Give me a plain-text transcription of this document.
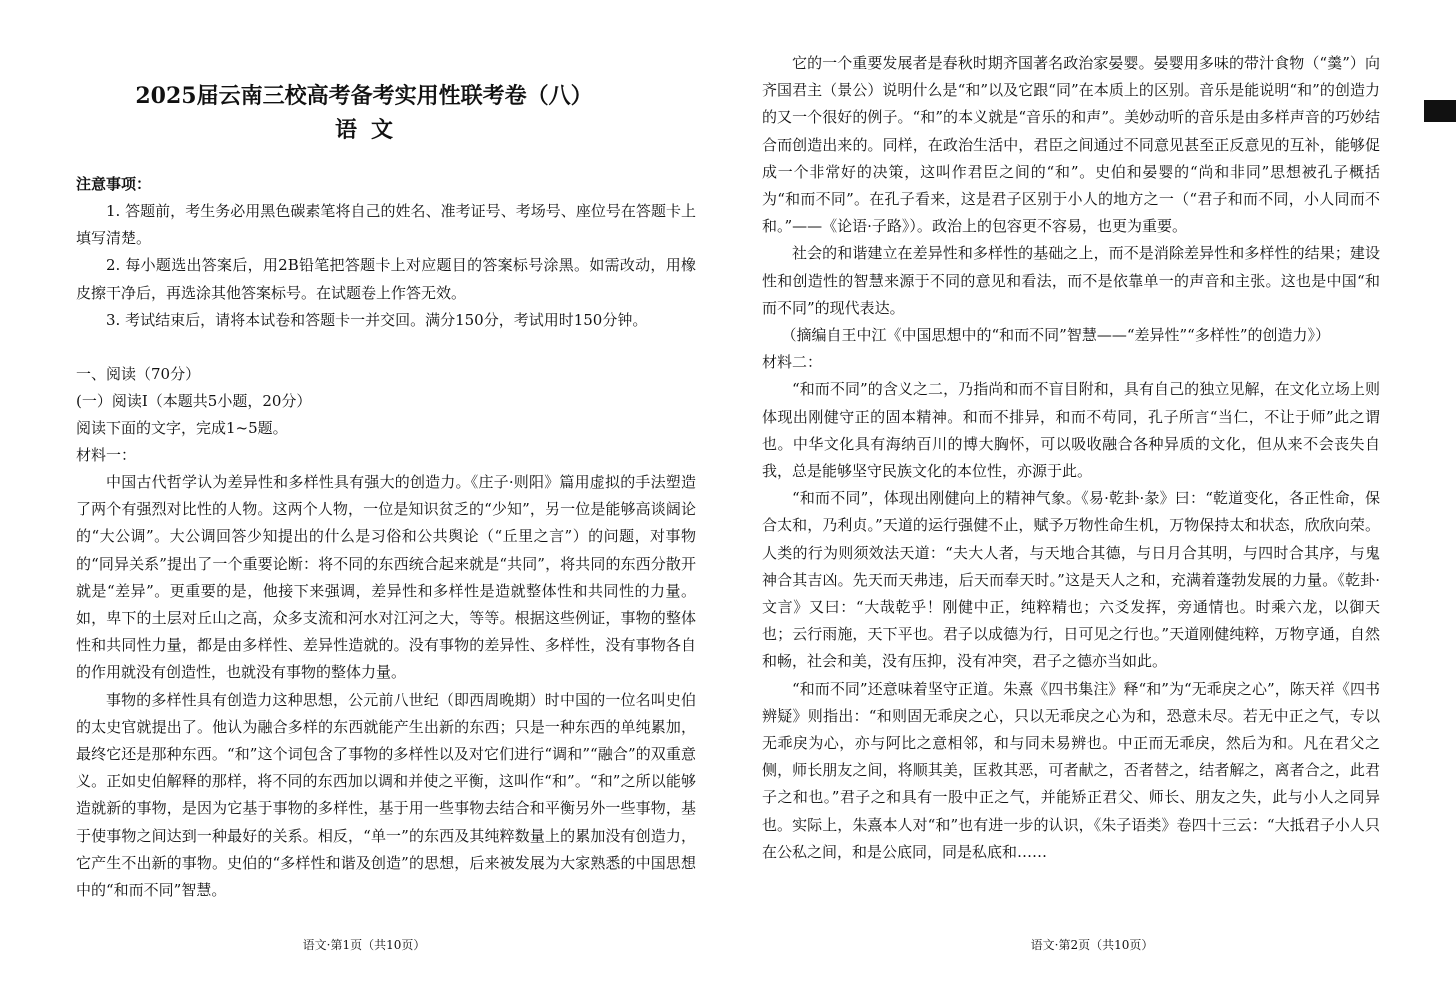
2025届云南三校高考备考实用性联考卷（八）
语文
注意事项：

1. 答题前，考生务必用黑色碳素笔将自己的姓名、准考证号、考场号、座位号在答题卡上填写清楚。

2. 每小题选出答案后，用2B铅笔把答题卡上对应题目的答案标号涂黑。如需改动，用橡皮擦干净后，再选涂其他答案标号。在试题卷上作答无效。

3. 考试结束后，请将本试卷和答题卡一并交回。满分150分，考试用时150分钟。

一、阅读（70分）
(一）阅读Ⅰ（本题共5小题，20分）
阅读下面的文字，完成1~5题。
材料一：

中国古代哲学认为差异性和多样性具有强大的创造力。《庄子·则阳》篇用虚拟的手法塑造了两个有强烈对比性的人物。这两个人物，一位是知识贫乏的“少知”，另一位是能够高谈阔论的“大公调”。大公调回答少知提出的什么是习俗和公共舆论（“丘里之言”）的问题，对事物的“同异关系”提出了一个重要论断：将不同的东西统合起来就是“共同”，将共同的东西分散开就是“差异”。更重要的是，他接下来强调，差异性和多样性是造就整体性和共同性的力量。如，卑下的土层对丘山之高，众多支流和河水对江河之大，等等。根据这些例证，事物的整体性和共同性力量，都是由多样性、差异性造就的。没有事物的差异性、多样性，没有事物各自的作用就没有创造性，也就没有事物的整体力量。

事物的多样性具有创造力这种思想，公元前八世纪（即西周晚期）时中国的一位名叫史伯的太史官就提出了。他认为融合多样的东西就能产生出新的东西；只是一种东西的单纯累加，最终它还是那种东西。“和”这个词包含了事物的多样性以及对它们进行“调和”“融合”的双重意义。正如史伯解释的那样，将不同的东西加以调和并使之平衡，这叫作“和”。“和”之所以能够造就新的事物，是因为它基于事物的多样性，基于用一些事物去结合和平衡另外一些事物，基于使事物之间达到一种最好的关系。相反，“单一”的东西及其纯粹数量上的累加没有创造力，它产生不出新的事物。史伯的“多样性和谐及创造”的思想，后来被发展为大家熟悉的中国思想中的“和而不同”智慧。

语文·第1页（共10页）

它的一个重要发展者是春秋时期齐国著名政治家晏婴。晏婴用多味的带汁食物（“羹”）向齐国君主（景公）说明什么是“和”以及它跟“同”在本质上的区别。音乐是能说明“和”的创造力的又一个很好的例子。“和”的本义就是“音乐的和声”。美妙动听的音乐是由多样声音的巧妙结合而创造出来的。同样，在政治生活中，君臣之间通过不同意见甚至正反意见的互补，能够促成一个非常好的决策，这叫作君臣之间的“和”。史伯和晏婴的“尚和非同”思想被孔子概括为“和而不同”。在孔子看来，这是君子区别于小人的地方之一（“君子和而不同，小人同而不和。”——《论语·子路》）。政治上的包容更不容易，也更为重要。

社会的和谐建立在差异性和多样性的基础之上，而不是消除差异性和多样性的结果；建设性和创造性的智慧来源于不同的意见和看法，而不是依靠单一的声音和主张。这也是中国“和而不同”的现代表达。

（摘编自王中江《中国思想中的“和而不同”智慧——“差异性”“多样性”的创造力》）

材料二：

“和而不同”的含义之二，乃指尚和而不盲目附和，具有自己的独立见解，在文化立场上则体现出刚健守正的固本精神。和而不排异，和而不苟同，孔子所言“当仁，不让于师”此之谓也。中华文化具有海纳百川的博大胸怀，可以吸收融合各种异质的文化，但从来不会丧失自我，总是能够坚守民族文化的本位性，亦源于此。

“和而不同”，体现出刚健向上的精神气象。《易·乾卦·彖》曰：“乾道变化，各正性命，保合太和，乃利贞。”天道的运行强健不止，赋予万物性命生机，万物保持太和状态，欣欣向荣。人类的行为则须效法天道：“夫大人者，与天地合其德，与日月合其明，与四时合其序，与鬼神合其吉凶。先天而天弗违，后天而奉天时。”这是天人之和，充满着蓬勃发展的力量。《乾卦·文言》又曰：“大哉乾乎！刚健中正，纯粹精也；六爻发挥，旁通情也。时乘六龙，以御天也；云行雨施，天下平也。君子以成德为行，日可见之行也。”天道刚健纯粹，万物亨通，自然和畅，社会和美，没有压抑，没有冲突，君子之德亦当如此。

“和而不同”还意味着坚守正道。朱熹《四书集注》释“和”为“无乖戾之心”，陈天祥《四书辨疑》则指出：“和则固无乖戾之心，只以无乖戾之心为和，恐意未尽。若无中正之气，专以无乖戾为心，亦与阿比之意相邻，和与同未易辨也。中正而无乖戾，然后为和。凡在君父之侧，师长朋友之间，将顺其美，匡救其恶，可者献之，否者替之，结者解之，离者合之，此君子之和也。”君子之和具有一股中正之气，并能矫正君父、师长、朋友之失，此与小人之同异也。实际上，朱熹本人对“和”也有进一步的认识，《朱子语类》卷四十三云：“大抵君子小人只在公私之间，和是公底同，同是私底和……

语文·第2页（共10页）
